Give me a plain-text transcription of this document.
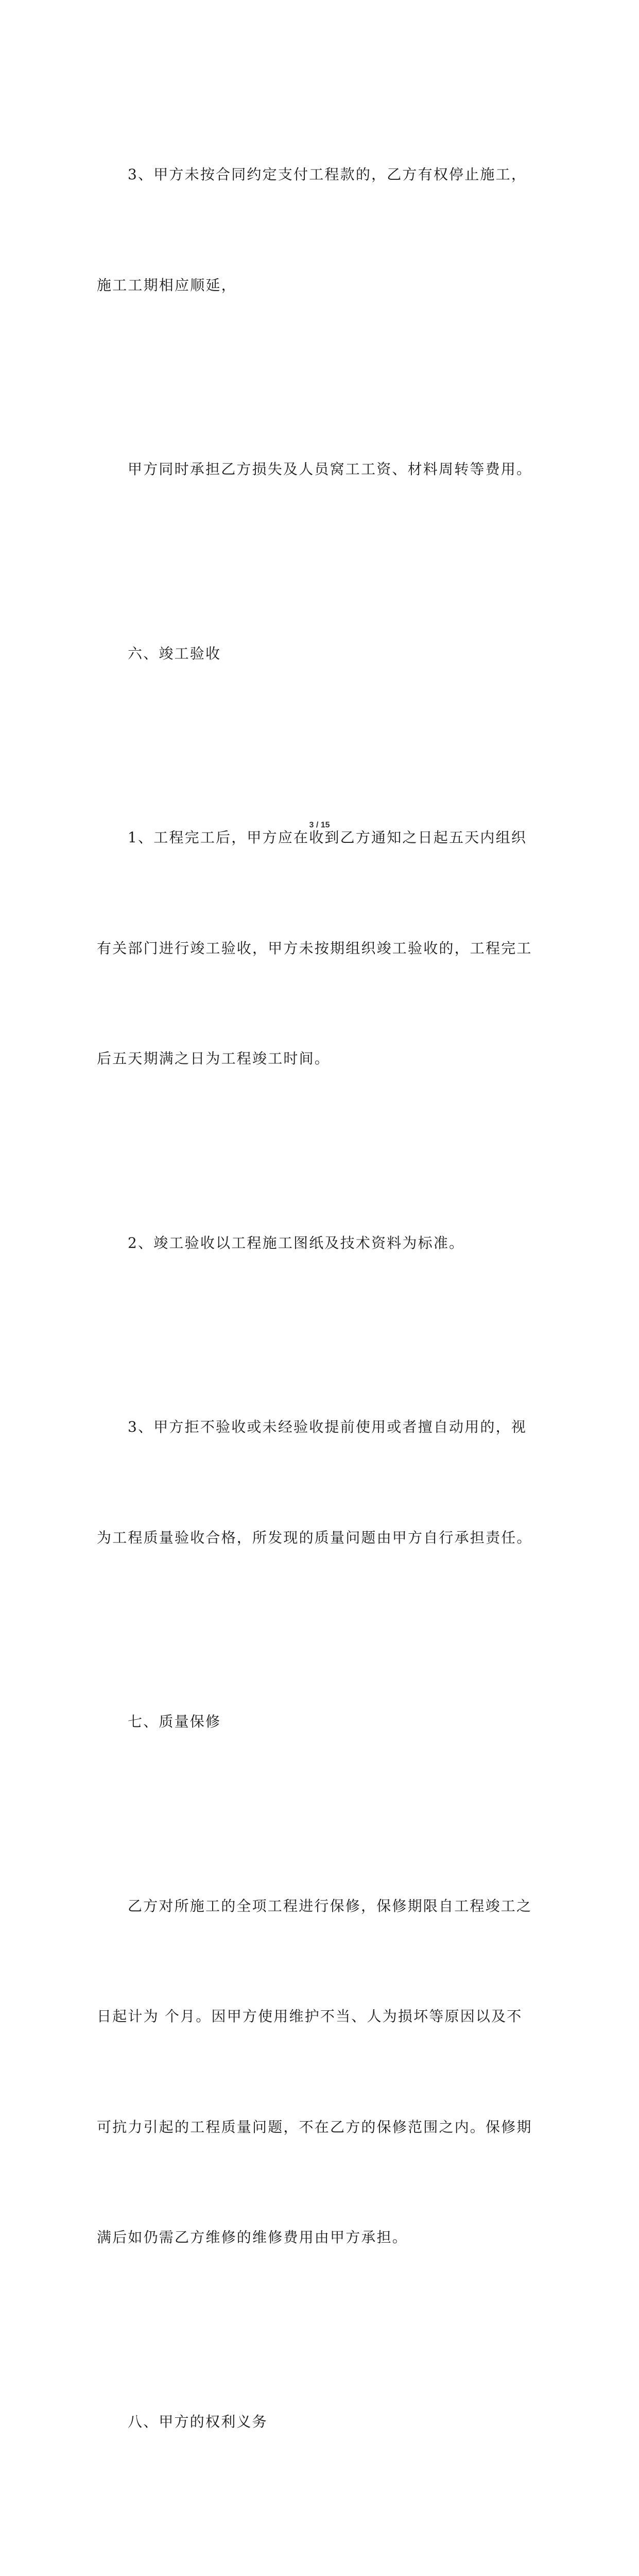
3、甲方未按合同约定支付工程款的，乙方有权停止施工，

施工工期相应顺延，

甲方同时承担乙方损失及人员窝工工资、材料周转等费用。

六、竣工验收

1、工程完工后，甲方应在收到乙方通知之日起五天内组织

有关部门进行竣工验收，甲方未按期组织竣工验收的，工程完工

后五天期满之日为工程竣工时间。

2、竣工验收以工程施工图纸及技术资料为标准。

3、甲方拒不验收或未经验收提前使用或者擅自动用的，视

为工程质量验收合格，所发现的质量问题由甲方自行承担责任。

七、质量保修

乙方对所施工的全项工程进行保修，保修期限自工程竣工之

日起计为 个月。因甲方使用维护不当、人为损坏等原因以及不

可抗力引起的工程质量问题，不在乙方的保修范围之内。保修期

满后如仍需乙方维修的维修费用由甲方承担。

八、甲方的权利义务

3 / 15
